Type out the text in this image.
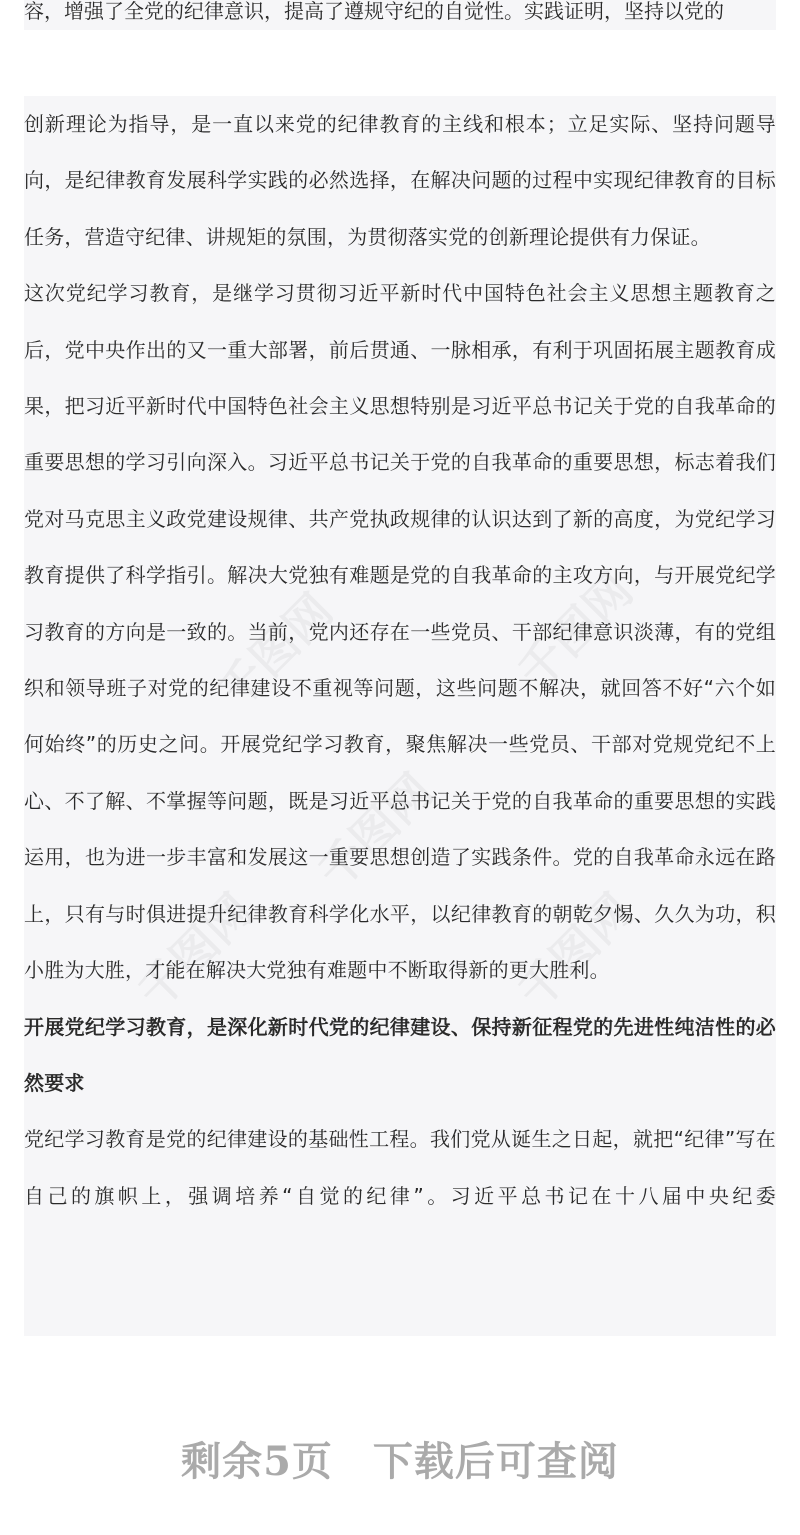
容，增强了全党的纪律意识，提高了遵规守纪的自觉性。实践证明，坚持以党的

创新理论为指导，是一直以来党的纪律教育的主线和根本；立足实际、坚持问题导向，是纪律教育发展科学实践的必然选择，在解决问题的过程中实现纪律教育的目标任务，营造守纪律、讲规矩的氛围，为贯彻落实党的创新理论提供有力保证。

这次党纪学习教育，是继学习贯彻习近平新时代中国特色社会主义思想主题教育之后，党中央作出的又一重大部署，前后贯通、一脉相承，有利于巩固拓展主题教育成果，把习近平新时代中国特色社会主义思想特别是习近平总书记关于党的自我革命的重要思想的学习引向深入。习近平总书记关于党的自我革命的重要思想，标志着我们党对马克思主义政党建设规律、共产党执政规律的认识达到了新的高度，为党纪学习教育提供了科学指引。解决大党独有难题是党的自我革命的主攻方向，与开展党纪学习教育的方向是一致的。当前，党内还存在一些党员、干部纪律意识淡薄，有的党组织和领导班子对党的纪律建设不重视等问题，这些问题不解决，就回答不好“六个如何始终”的历史之问。开展党纪学习教育，聚焦解决一些党员、干部对党规党纪不上心、不了解、不掌握等问题，既是习近平总书记关于党的自我革命的重要思想的实践运用，也为进一步丰富和发展这一重要思想创造了实践条件。党的自我革命永远在路上，只有与时俱进提升纪律教育科学化水平，以纪律教育的朝乾夕惕、久久为功，积小胜为大胜，才能在解决大党独有难题中不断取得新的更大胜利。

开展党纪学习教育，是深化新时代党的纪律建设、保持新征程党的先进性纯洁性的必然要求

党纪学习教育是党的纪律建设的基础性工程。我们党从诞生之日起，就把“纪律”写在自己的旗帜上，强调培养“自觉的纪律”。习近平总书记在十八届中央纪委

剩余5页 下载后可查阅
